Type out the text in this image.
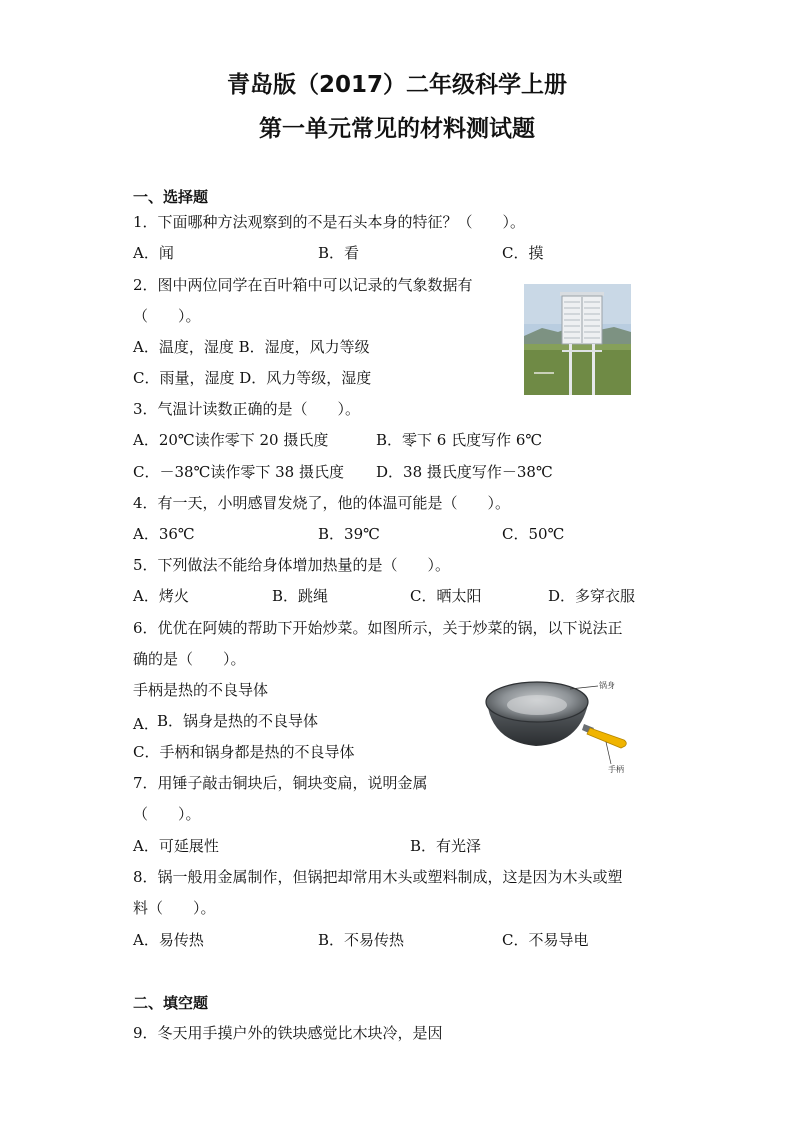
青岛版（2017）二年级科学上册
第一单元常见的材料测试题
一、选择题
1．下面哪种方法观察到的不是石头本身的特征？（　　）。
A．闻	B．看	C．摸
2．图中两位同学在百叶箱中可以记录的气象数据有
（　　）。
A．温度，湿度 B．湿度，风力等级
C．雨量，湿度 D．风力等级，湿度
3．气温计读数正确的是（　　）。
A．20℃读作零下 20 摄氏度	B．零下 6 氏度写作 6℃
C．－38℃读作零下 38 摄氏度 D．38 摄氏度写作－38℃
4．有一天，小明感冒发烧了，他的体温可能是（　　）。
A．36℃	B．39℃	C．50℃
5．下列做法不能给身体增加热量的是（　　）。
A．烤火	B．跳绳	C．晒太阳	D．多穿衣服
6．优优在阿姨的帮助下开始炒菜。如图所示，关于炒菜的锅，以下说法正
确的是（　　）。
手柄是热的不良导体
A．
B．锅身是热的不良导体
C．手柄和锅身都是热的不良导体
锅身
手柄
7．用锤子敲击铜块后，铜块变扁，说明金属
（　　）。
A．可延展性	B．有光泽
8．锅一般用金属制作，但锅把却常用木头或塑料制成，这是因为木头或塑
料（　　）。
A．易传热	B．不易传热	C．不易导电
二、填空题
9．冬天用手摸户外的铁块感觉比木块冷，是因
